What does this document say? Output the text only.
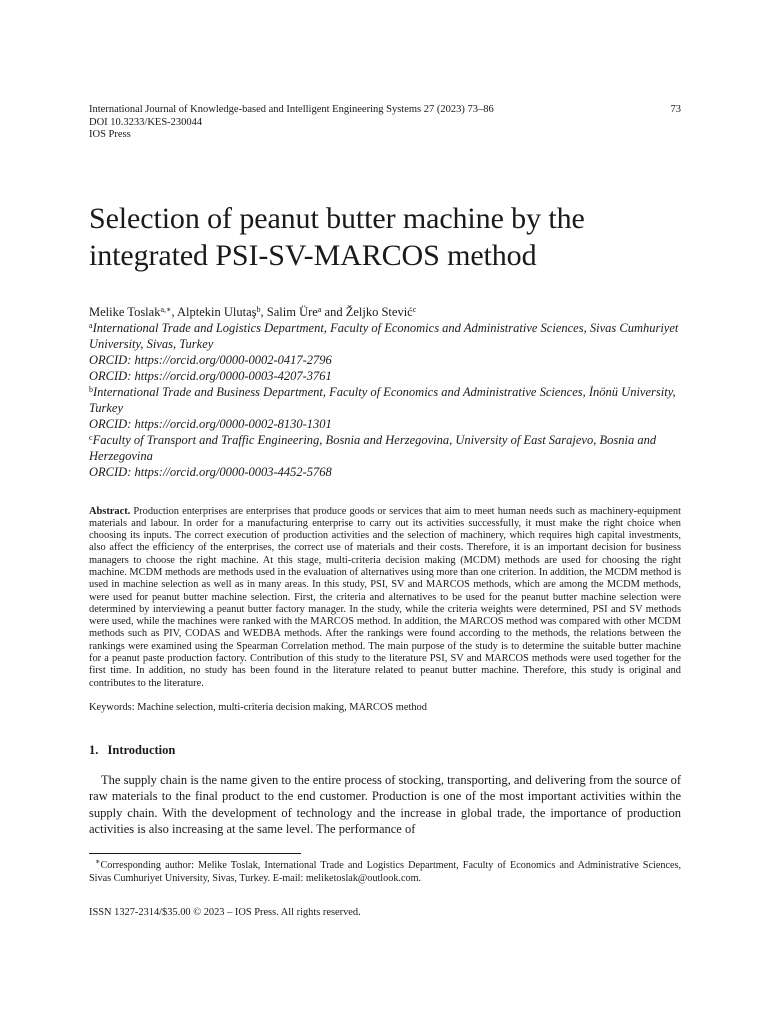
International Journal of Knowledge-based and Intelligent Engineering Systems 27 (2023) 73–86
DOI 10.3233/KES-230044
IOS Press
73
Selection of peanut butter machine by the
integrated PSI-SV-MARCOS method
Melike Toslak$^{a,∗}$, Alptekin Ulutaş$^b$, Salim Üre$^a$ and Željko Stević$^c$
$^a$International Trade and Logistics Department, Faculty of Economics and Administrative Sciences, Sivas Cumhuriyet University, Sivas, Turkey
ORCID: https://orcid.org/0000-0002-0417-2796
ORCID: https://orcid.org/0000-0003-4207-3761
$^b$International Trade and Business Department, Faculty of Economics and Administrative Sciences, İnönü University, Turkey
ORCID: https://orcid.org/0000-0002-8130-1301
$^c$Faculty of Transport and Traffic Engineering, Bosnia and Herzegovina, University of East Sarajevo, Bosnia and Herzegovina
ORCID: https://orcid.org/0000-0003-4452-5768
Abstract. Production enterprises are enterprises that produce goods or services that aim to meet human needs such as machinery-equipment materials and labour. In order for a manufacturing enterprise to carry out its activities successfully, it must make the right choice when choosing its inputs. The correct execution of production activities and the selection of machinery, which requires high capital investments, also affect the efficiency of the enterprises, the correct use of materials and their costs. Therefore, it is an important decision for business managers to choose the right machine. At this stage, multi-criteria decision making (MCDM) methods are used for choosing the right machine. MCDM methods are methods used in the evaluation of alternatives using more than one criterion. In addition, the MCDM method is used in machine selection as well as in many areas. In this study, PSI, SV and MARCOS methods, which are among the MCDM methods, were used for peanut butter machine selection. First, the criteria and alternatives to be used for the peanut butter machine selection were determined by interviewing a peanut butter factory manager. In the study, while the criteria weights were determined, PSI and SV methods were used, while the machines were ranked with the MARCOS method. In addition, the MARCOS method was compared with other MCDM methods such as PIV, CODAS and WEDBA methods. After the rankings were found according to the methods, the relations between the rankings were examined using the Spearman Correlation method. The main purpose of the study is to determine the suitable butter machine for a peanut paste production factory. Contribution of this study to the literature PSI, SV and MARCOS methods were used together for the first time. In addition, no study has been found in the literature related to peanut butter machine. Therefore, this study is original and contributes to the literature.
Keywords: Machine selection, multi-criteria decision making, MARCOS method
1. Introduction
The supply chain is the name given to the entire process of stocking, transporting, and delivering from the source of raw materials to the final product to the end customer. Production is one of the most important activities within the supply chain. With the development of technology and the increase in global trade, the importance of production activities is also increasing at the same level. The performance of
∗Corresponding author: Melike Toslak, International Trade and Logistics Department, Faculty of Economics and Administrative Sciences, Sivas Cumhuriyet University, Sivas, Turkey. E-mail: meliketoslak@outlook.com.
ISSN 1327-2314/$35.00 © 2023 – IOS Press. All rights reserved.
